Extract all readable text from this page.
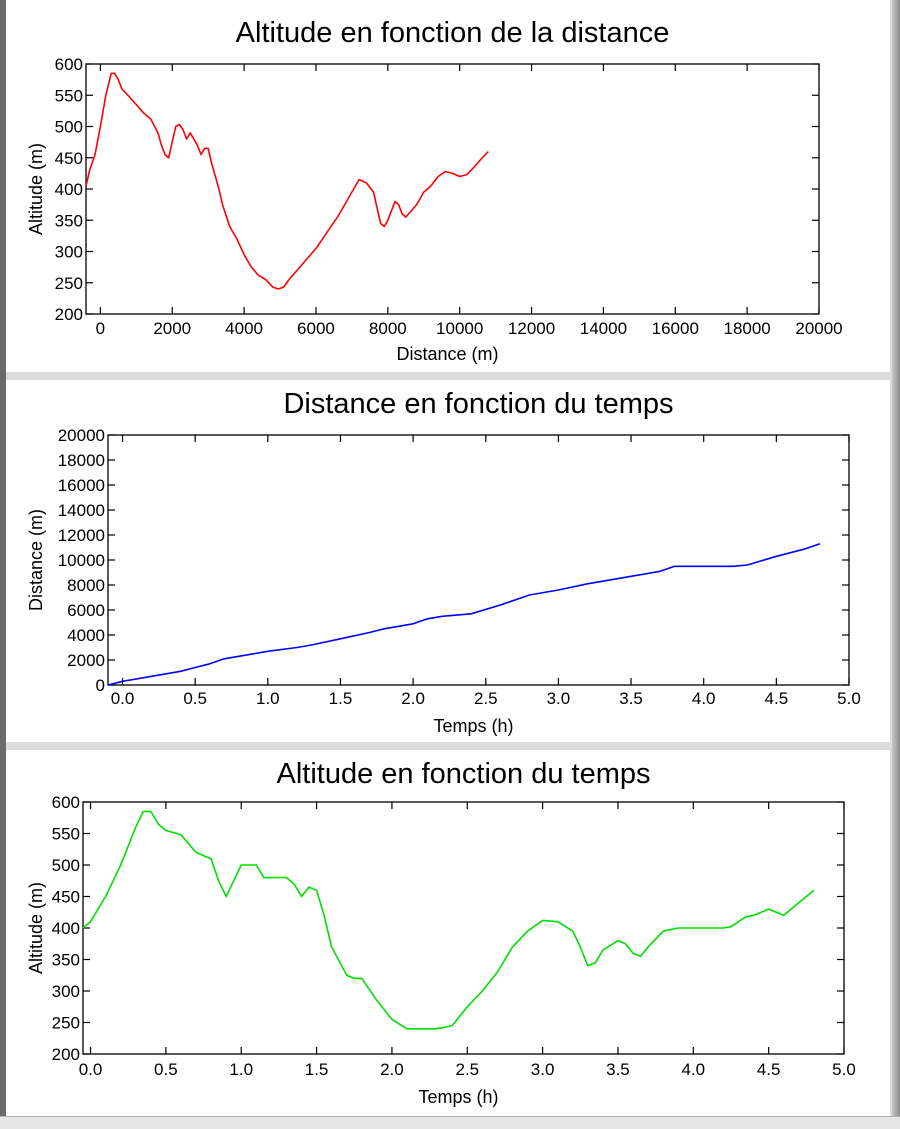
Altitude en fonction de la distance
0	2000 4000 6000 8000 10000 12000 14000 16000 18000 20000
200
250
300
350
400
450
500
550
600
Distance (m)
Altitude (m)
Distance en fonction du temps
0.0	0.5	1.0	1.5	2.0	2.5	3.0	3.5	4.0	4.5	5.0
0
2000
4000
6000
8000
10000
12000
14000
16000
18000
20000
Temps (h)
Distance (m)
Altitude en fonction du temps
0.0	0.5	1.0	1.5	2.0	2.5	3.0	3.5	4.0	4.5	5.0
200
250
300
350
400
450
500
550
600
Temps (h)
Altitude (m)
